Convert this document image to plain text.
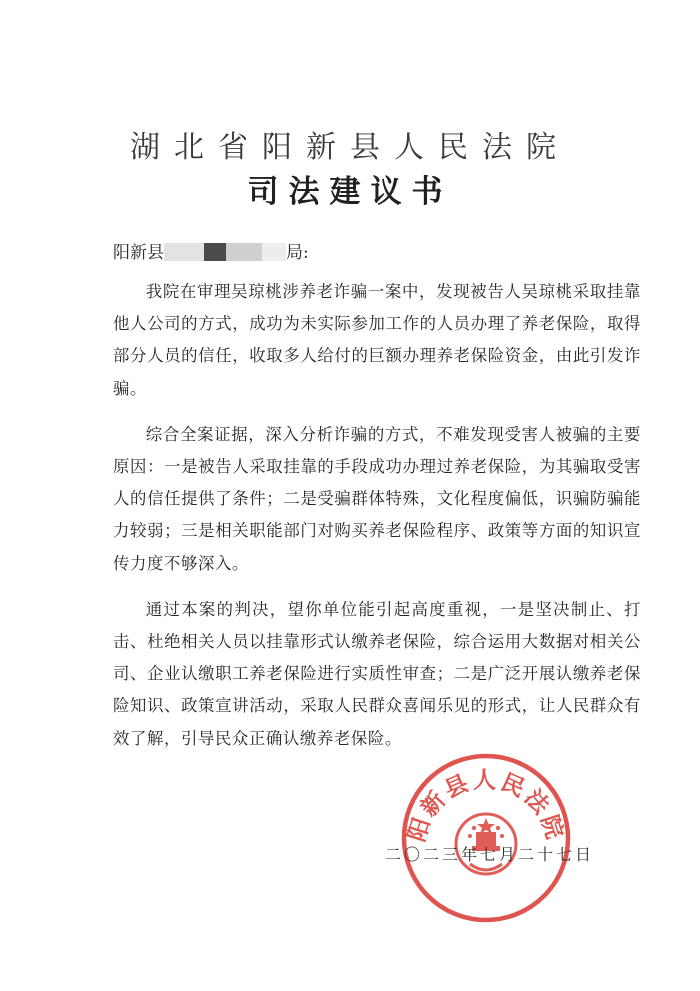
湖北省阳新县人民法院
司法建议书
阳新县	局:

我院在审理吴琼桃涉养老诈骗一案中，发现被告人吴琼桃采取挂靠他人公司的方式，成功为未实际参加工作的人员办理了养老保险，取得部分人员的信任，收取多人给付的巨额办理养老保险资金，由此引发诈骗。

综合全案证据，深入分析诈骗的方式，不难发现受害人被骗的主要原因：一是被告人采取挂靠的手段成功办理过养老保险，为其骗取受害人的信任提供了条件；二是受骗群体特殊，文化程度偏低，识骗防骗能力较弱；三是相关职能部门对购买养老保险程序、政策等方面的知识宣传力度不够深入。

通过本案的判决，望你单位能引起高度重视，一是坚决制止、打击、杜绝相关人员以挂靠形式认缴养老保险，综合运用大数据对相关公司、企业认缴职工养老保险进行实质性审查；二是广泛开展认缴养老保险知识、政策宣讲活动，采取人民群众喜闻乐见的形式，让人民群众有效了解，引导民众正确认缴养老保险。

阳新县人民法院
二〇二三年七月二十七日
